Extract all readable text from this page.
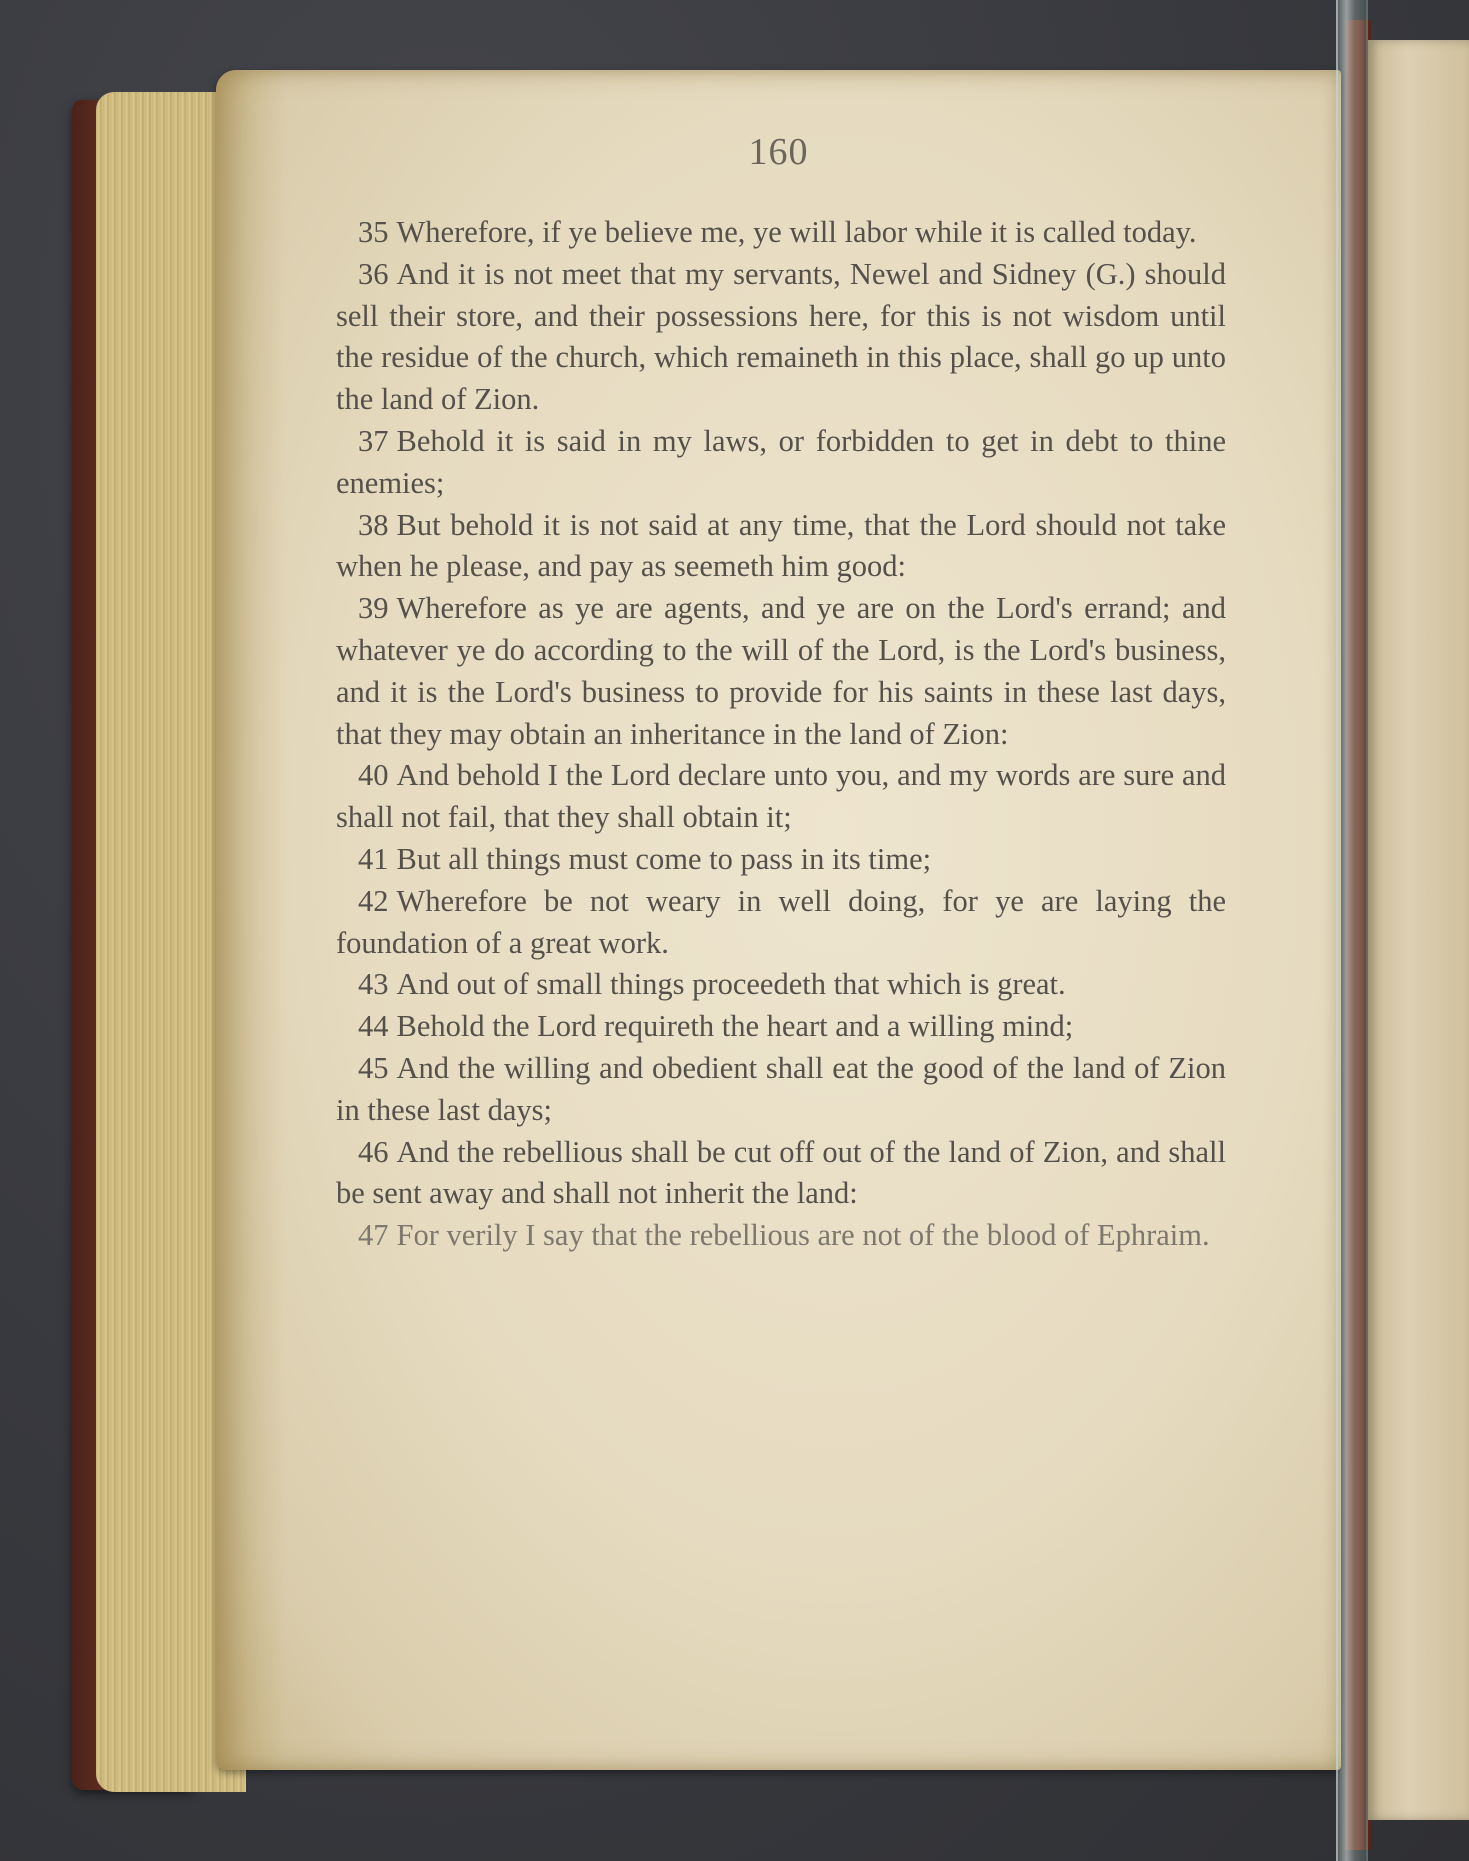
160

35 Wherefore, if ye believe me, ye will labor while it is called today.

36 And it is not meet that my servants, Newel and Sidney (G.) should sell their store, and their possessions here, for this is not wisdom until the residue of the church, which remaineth in this place, shall go up unto the land of Zion.

37 Behold it is said in my laws, or forbidden to get in debt to thine enemies;

38 But behold it is not said at any time, that the Lord should not take when he please, and pay as seemeth him good:

39 Wherefore as ye are agents, and ye are on the Lord's errand; and whatever ye do according to the will of the Lord, is the Lord's business, and it is the Lord's business to provide for his saints in these last days, that they may obtain an inheritance in the land of Zion:

40 And behold I the Lord declare unto you, and my words are sure and shall not fail, that they shall obtain it;

41 But all things must come to pass in its time;

42 Wherefore be not weary in well doing, for ye are laying the foundation of a great work.

43 And out of small things proceedeth that which is great.

44 Behold the Lord requireth the heart and a willing mind;

45 And the willing and obedient shall eat the good of the land of Zion in these last days;

46 And the rebellious shall be cut off out of the land of Zion, and shall be sent away and shall not inherit the land:

47 For verily I say that the rebellious are not of the blood of Ephraim.
